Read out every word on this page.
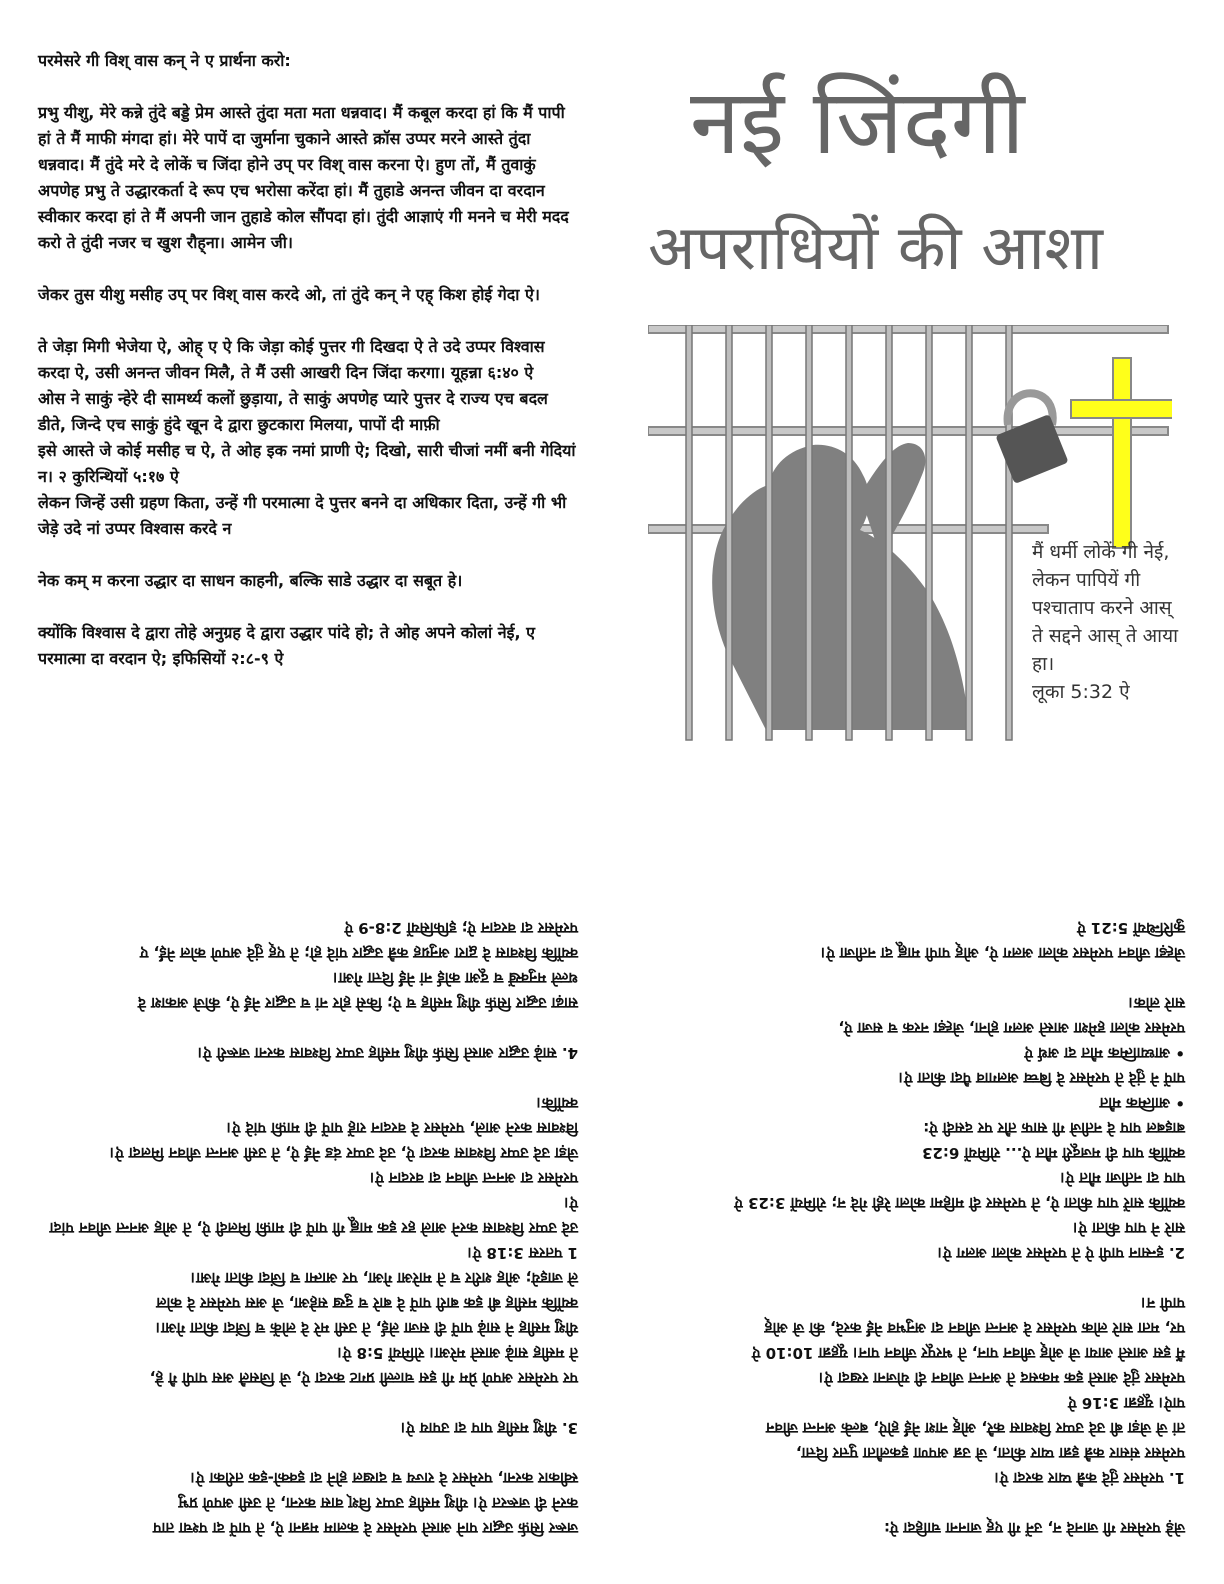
परमेसरे गी विश् वास कन् ने ए प्रार्थना करो:

प्रभु यीशु, मेरे कन्ने तुंदे बड्डे प्रेम आस्ते तुंदा मता मता धन्नवाद। मैं कबूल करदा हां कि मैं पापी हां ते मैं माफी मंगदा हां। मेरे पापें दा जुर्माना चुकाने आस्ते क्रॉस उप्पर मरने आस्ते तुंदा धन्नवाद। मैं तुंदे मरे दे लोकें च जिंदा होने उप् पर विश् वास करना ऐ। हुण तों, मैं तुवाकुं अपणेह प्रभु ते उद्धारकर्ता दे रूप एच भरोसा करेंदा हां। मैं तुहाडे अनन्त जीवन दा वरदान स्वीकार करदा हां ते मैं अपनी जान तुहाडे कोल सौंपदा हां। तुंदी आज्ञाएं गी मनने च मेरी मदद करो ते तुंदी नजर च खुश रौह्‌ना। आमेन जी।

जेकर तुस यीशु मसीह उप् पर विश् वास करदे ओ, तां तुंदे कन् ने एह् किश होई गेदा ऐ।

ते जेड़ा मिगी भेजेया ऐ, ओह् ए ऐ कि जेड़ा कोई पुत्तर गी दिखदा ऐ ते उदे उप्पर विश्वास करदा ऐ, उसी अनन्त जीवन मिलै, ते मैं उसी आखरी दिन जिंदा करगा। यूहन्ना ६:४० ऐ

ओस ने साकुं न्हेरे दी सामर्थ्य कलों छुड़ाया, ते साकुं अपणेह प्यारे पुत्तर दे राज्य एच बदल डीते, जिन्दे एच साकुं हुंदे खून दे द्वारा छुटकारा मिलया, पापों दी माफ़ी

इसे आस्ते जे कोई मसीह च ऐ, ते ओह इक नमां प्राणी ऐ; दिखो, सारी चीजां नमीं बनी गेदियां न। २ कुरिन्थियों ५:१७ ऐ

लेकन जिन्हें उसी ग्रहण किता, उन्हें गी परमात्मा दे पुत्तर बनने दा अधिकार दिता, उन्हें गी भी जेड़े उदे नां उप्पर विश्वास करदे न

नेक कम् म करना उद्धार दा साधन काहनी, बल्कि साडे उद्धार दा सबूत हे।

क्योंकि विश्वास दे द्वारा तोहे अनुग्रह दे द्वारा उद्धार पांदे हो; ते ओह अपने कोलां नेई, ए परमात्मा दा वरदान ऐ; इफिसियों २:८-९ ऐ

नई जिंदगी
अपराधियों की आशा
मैं धर्मी लोकें गी नेई, लेकन पापियें गी पश्चाताप करने आस् ते सद्दने आस् ते आया हा।
लूका 5:32 ऐ

जरूर सिर्फ़ उद्धार पाने आस्ते परमेसर दे कलाम मन्नना ऐ, ते पापें दा पश्चा ताप

करने दी जरूरत ऐ। यीशु मसीह उप्पर विश् वास करना, ते उसी अपणे प्रभु

स्वीकार करना, परमेसर दे राज्य च दाखल होने दा इक्को-इक तरीका ऐ।

3. यीशु मसीह पाप दा उपाय ऐ।

पर परमेसर अपणे प्रेम गी इस चाल्ली प्रगट करदा ऐ, जे जिसलै अस पापी गै हे,

ते मसीह साढ़े आस्ते मरेआ। रोमियों 5:8 ऐ।

यीशु मसीह ने साढ़े पापें दी सजा लेई, ते उसी मरे दे लोकें च जिंदा कीता गेआ।

क्योंकि मसीह बी इक बारी पापें दे बारे च दुख सहेआ, जे अस परमेसर दे कोल

ले जाइये; ओह शरीर च ते मारेआ गेआ, पर आत्मा च जिंदा कीता गेआ।

1 पतरस 3:18 ऐ।

उदे उप्पर विश्वास करने आले हर इक माह्नू गी पापें दी माफ़ी मिलदी ऐ, ते ओह अनन्त जीवन पांदा ऐ।

परमेसर दा अनन्त जीवन दा वरदान ऐ।

जेड़ा उदे उप्पर विश्वास करदा ऐ, उदे उप्पर दंड नेईं ऐ, ते उसी अनन्त जीवन मिलदा ऐ।

विश्वास करने आले, परमेसर दे वरदान राहें पापें दी माफ़ी पांदे ऐ।

क्योंकि।

4. साढ़े उद्धार आस्ते सिर्फ़ यीशु मसीह उप्पर विश्वास करना जरूरी ऐ।

साढ़ा उद्धार सिर्फ़ यीशु मसीह च ऐ; किसे होर नां च उद्धार नेईं ऐ, कीजे अकाश दे

थल्ले मनुक्खें च दूआ कोई नां नेईं दित्ता गेआ।

क्योंकि विश्वास दे द्वारा अनुग्रह कन्नै उद्धार पांदे हो; ते एह् तुंदे अपणे कोल नेईं, ए

परमेसर दा वरदान ऐ; इफिसियों 2:8-9 ऐ

जेड़े परमेसर गी जानदे न, उनें गी एह् जानना चाहिदा ऐ:

1. परमेसर तुंदे कन्नै प्यार करदा ऐ।

परमेसर संसार कन्नै इन्ना प्यार कीता, जे उन्न अपणा इकलौता पुत्तर दित्ता,

तां जे जेड़ा बी उदे उप्पर विश्वास करै, ओह् नाश नेईं होऐ, बल्के अनन्त जीवन

पाऐ। यूहन्ना 3:16 ऐ

परमेसर तुंदे आस्ते इक मकसद ते अनन्त जीवन दी योजना रखदा ऐ।

मैं इस आस्ते आया जे ओह् जीवन पान, ते भरपूर जीवन पान। यूहन्ना 10:10 ऐ

पर, मता सारे लोक परमेसर दे अनन्त जीवन दा अनुभव नेईं करदे, की जे ओह्

पापी न।

2. इन्सान पापी ऐ ते परमेसर कोला अलग ऐ।

सारे ने पाप कीता ऐ।

क्योंकि सारें पाप कीता ऐ, ते परमेसर दी महिमा कोला रेही गेदे न; रोमियों 3:23 ऐ

पाप दा नतीजा मौत ऐ।

क्योंकि पाप दी मजदूरी मौत ऐ... रोमियों 6:23

बाइबल पाप दे नतीजे गी साफ तौर पर दसदी ऐ:

• आत्मिक मौत

पापें ने तुंदे ते परमेसर दे बिच्च अलगाव पैदा कीता ऐ।

• आध्यात्मिक मौत दा अर्थ ऐ

परमेसर कोला हमेशा आस्ते अलग होना, जेह्ड़ा नरक च सजा ऐ,

सारे लोक।

जेह्ड़ा जीवन परमेसर कोला अलग ऐ, ओह् पापी माह्नू दा नतीजा ऐ।

कुरिन्थियों 5:21 ऐ
